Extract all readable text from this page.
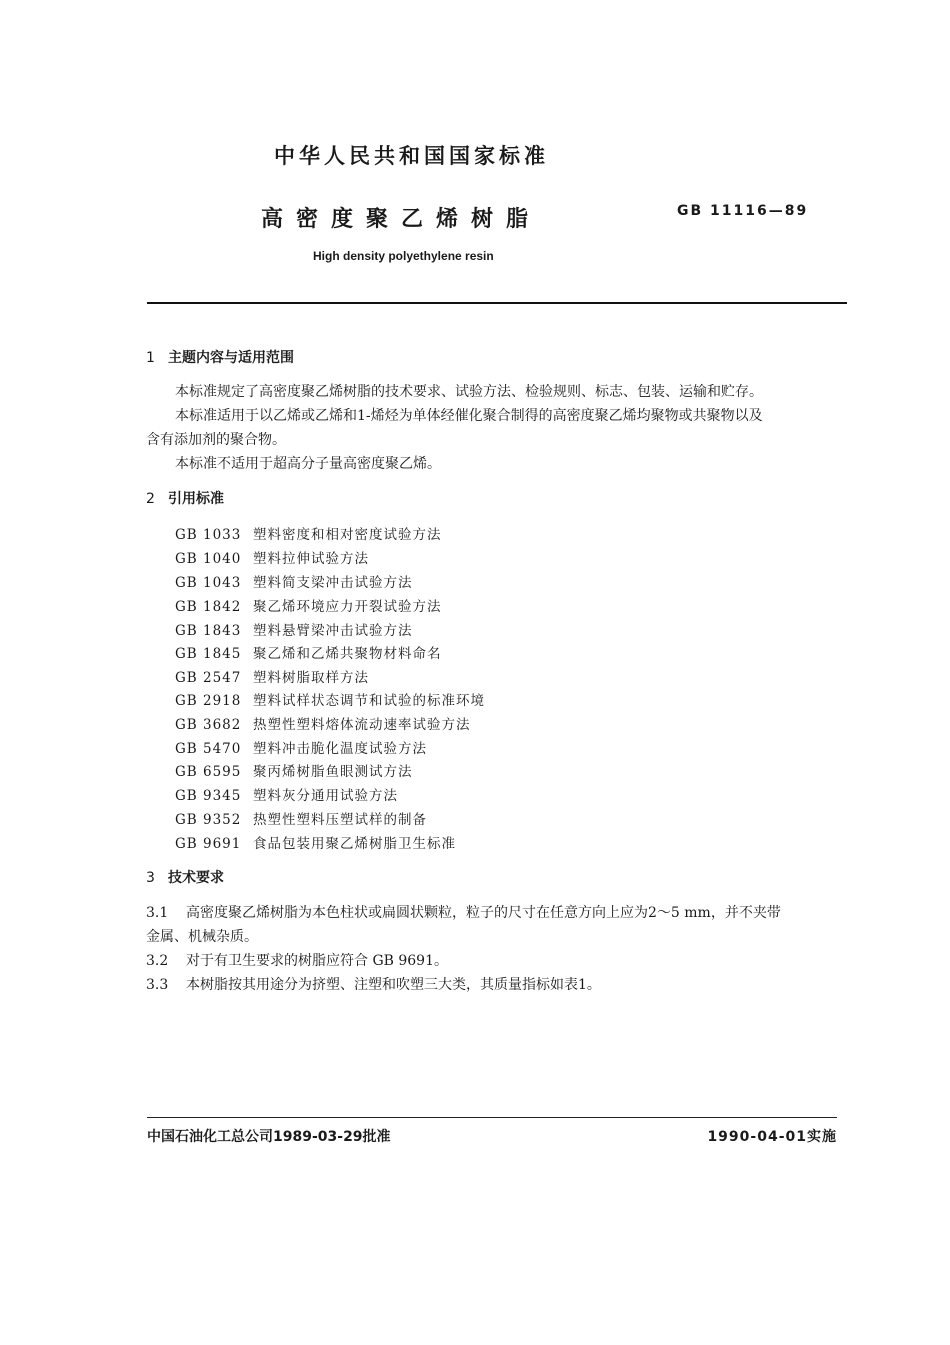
中华人民共和国国家标准
高密度聚乙烯树脂	GB 11116—89
High density polyethylene resin
1 主题内容与适用范围
本标准规定了高密度聚乙烯树脂的技术要求、试验方法、检验规则、标志、包装、运输和贮存。
本标准适用于以乙烯或乙烯和1-烯烃为单体经催化聚合制得的高密度聚乙烯均聚物或共聚物以及
含有添加剂的聚合物。
本标准不适用于超高分子量高密度聚乙烯。
2 引用标准
GB 1033 塑料密度和相对密度试验方法
GB 1040 塑料拉伸试验方法
GB 1043 塑料简支梁冲击试验方法
GB 1842 聚乙烯环境应力开裂试验方法
GB 1843 塑料悬臂梁冲击试验方法
GB 1845 聚乙烯和乙烯共聚物材料命名
GB 2547 塑料树脂取样方法
GB 2918 塑料试样状态调节和试验的标准环境
GB 3682 热塑性塑料熔体流动速率试验方法
GB 5470 塑料冲击脆化温度试验方法
GB 6595 聚丙烯树脂鱼眼测试方法
GB 9345 塑料灰分通用试验方法
GB 9352 热塑性塑料压塑试样的制备
GB 9691 食品包装用聚乙烯树脂卫生标准
3 技术要求
3.1 高密度聚乙烯树脂为本色柱状或扁圆状颗粒，粒子的尺寸在任意方向上应为2～5 mm，并不夹带
金属、机械杂质。
3.2 对于有卫生要求的树脂应符合 GB 9691。
3.3 本树脂按其用途分为挤塑、注塑和吹塑三大类，其质量指标如表1。
中国石油化工总公司1989-03-29批准	1990-04-01实施
